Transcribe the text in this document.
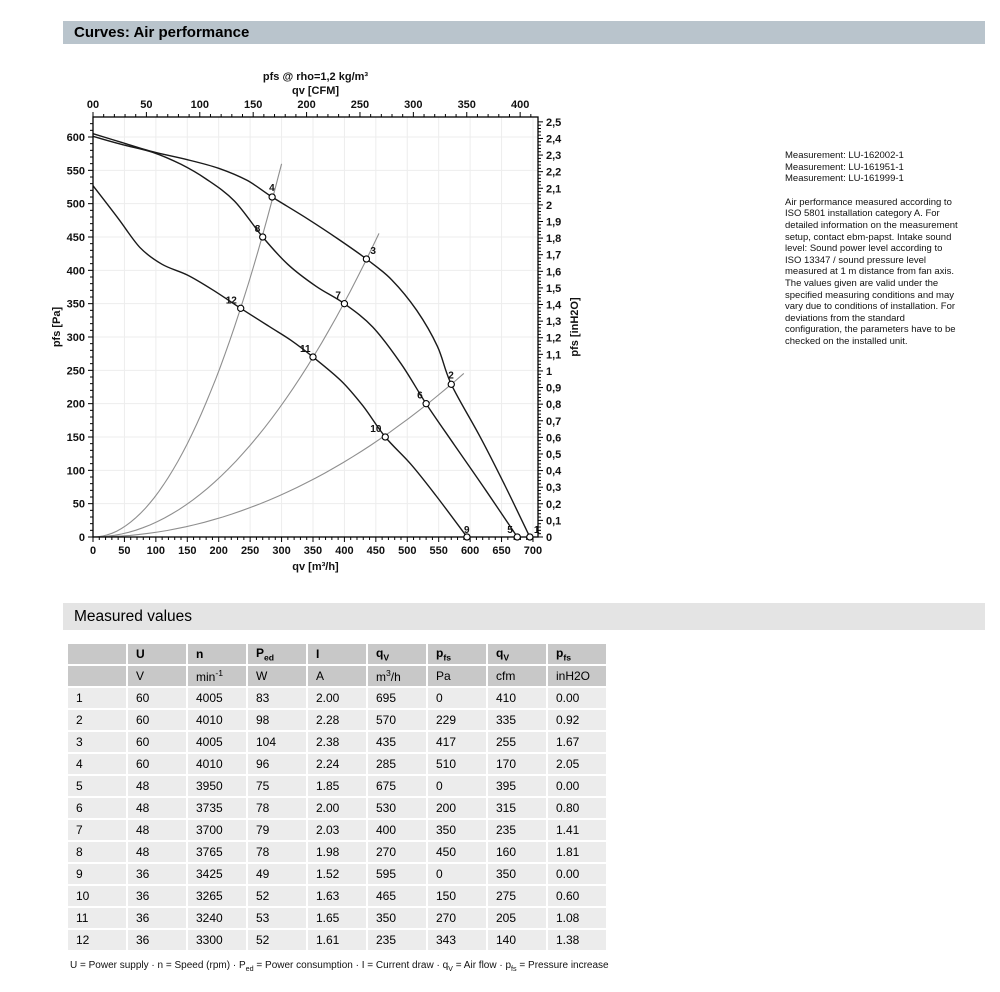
Curves: Air performance
0 50 100 150 200 250 300 350 400 450 500 550 600 650 700
0
50
100
150
200
250
300
350
400
450
500
550
600
00	50	100	150	200	250	300	350	400
0
0,1
0,2
0,3
0,4
0,5
0,6
0,7
0,8
0,9
1
1,1
1,2
1,3
1,4
1,5
1,6
1,7
1,8
1,9
2
2,1
2,2
2,3
2,4
2,5
pfs @ rho=1,2 kg/m³
qv [CFM]
qv [m³/h]
pfs [Pa]	pfs [inH2O]
1
2
3
4
5
6
7
8
9
10
11
12
Measurement: LU-162002-1
Measurement: LU-161951-1
Measurement: LU-161999-1

Air performance measured according to ISO 5801 installation category A. For detailed information on the measurement setup, contact ebm-papst. Intake sound level: Sound power level according to ISO 13347 / sound pressure level measured at 1 m distance from fan axis. The values given are valid under the specified measuring conditions and may vary due to conditions of installation. For deviations from the standard configuration, the parameters have to be checked on the installed unit.

Measured values
	U	n	$P_{ed}$	I	$q_V$	$p_{fs}$	$q_V$	$p_{fs}$
	V	$\min^{-1}$	W	A	$m^3/h$	Pa	cfm	inH2O
1	60	4005	83	2.00	695	0	410	0.00
2	60	4010	98	2.28	570	229	335	0.92
3	60	4005	104	2.38	435	417	255	1.67
4	60	4010	96	2.24	285	510	170	2.05
5	48	3950	75	1.85	675	0	395	0.00
6	48	3735	78	2.00	530	200	315	0.80
7	48	3700	79	2.03	400	350	235	1.41
8	48	3765	78	1.98	270	450	160	1.81
9	36	3425	49	1.52	595	0	350	0.00
10	36	3265	52	1.63	465	150	275	0.60
11	36	3240	53	1.65	350	270	205	1.08
12	36	3300	52	1.61	235	343	140	1.38
U = Power supply · n = Speed $(rpm) \cdot P_{ed}$ = Power consumption · I = Current draw · $q_V$ = Air flow · $p_{fs}$ = Pressure increase
